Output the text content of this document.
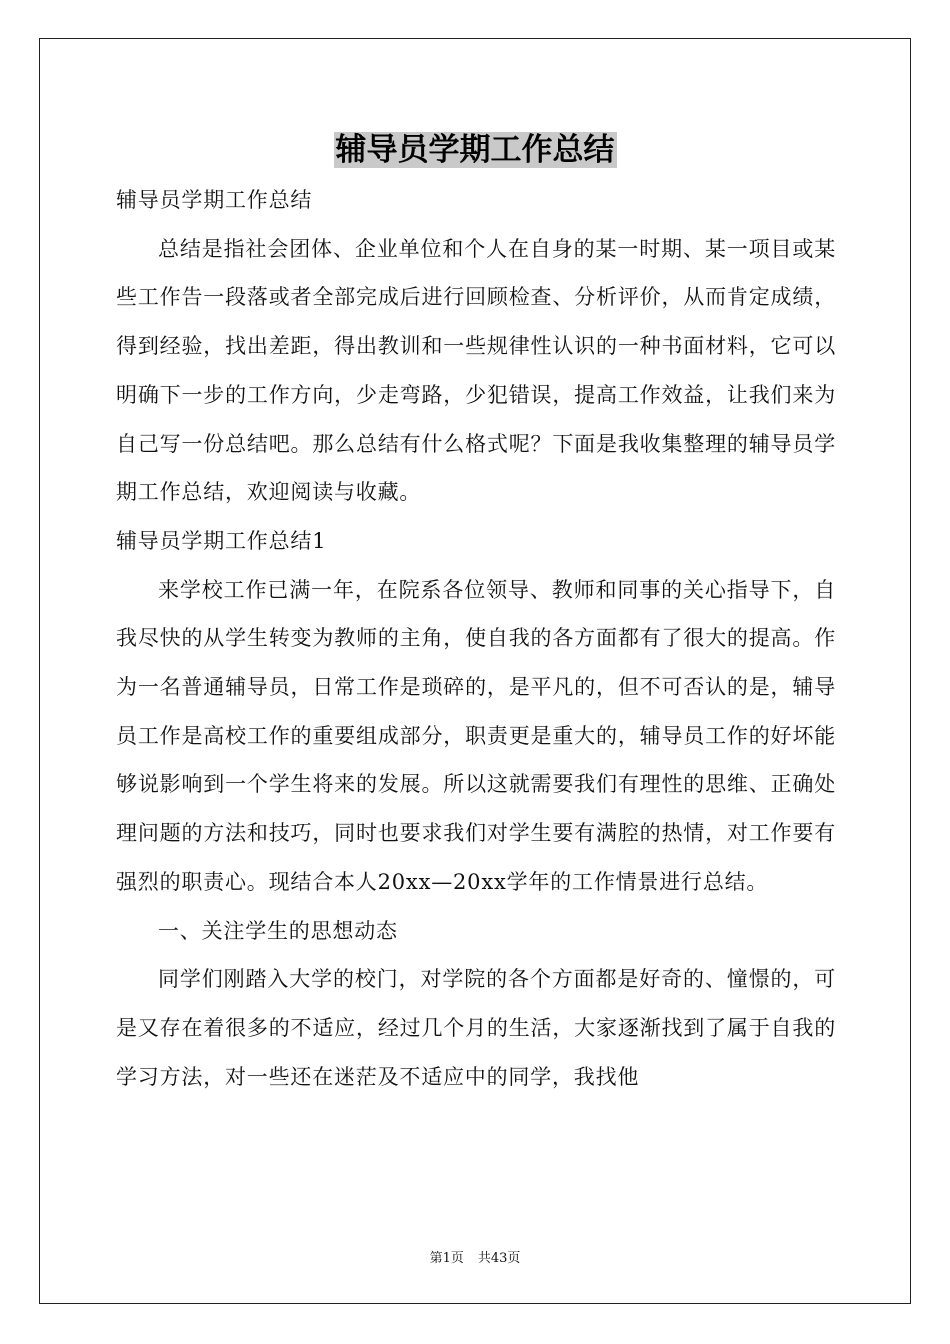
辅导员学期工作总结

辅导员学期工作总结

总结是指社会团体、企业单位和个人在自身的某一时期、某一项目或某些工作告一段落或者全部完成后进行回顾检查、分析评价，从而肯定成绩，得到经验，找出差距，得出教训和一些规律性认识的一种书面材料，它可以明确下一步的工作方向，少走弯路，少犯错误，提高工作效益，让我们来为自己写一份总结吧。那么总结有什么格式呢？下面是我收集整理的辅导员学期工作总结，欢迎阅读与收藏。

辅导员学期工作总结1

来学校工作已满一年，在院系各位领导、教师和同事的关心指导下，自我尽快的从学生转变为教师的主角，使自我的各方面都有了很大的提高。作为一名普通辅导员，日常工作是琐碎的，是平凡的，但不可否认的是，辅导员工作是高校工作的重要组成部分，职责更是重大的，辅导员工作的好坏能够说影响到一个学生将来的发展。所以这就需要我们有理性的思维、正确处理问题的方法和技巧，同时也要求我们对学生要有满腔的热情，对工作要有强烈的职责心。现结合本人20xx—20xx学年的工作情景进行总结。

一、关注学生的思想动态

同学们刚踏入大学的校门，对学院的各个方面都是好奇的、憧憬的，可是又存在着很多的不适应，经过几个月的生活，大家逐渐找到了属于自我的学习方法，对一些还在迷茫及不适应中的同学，我找他

第1页 共43页
